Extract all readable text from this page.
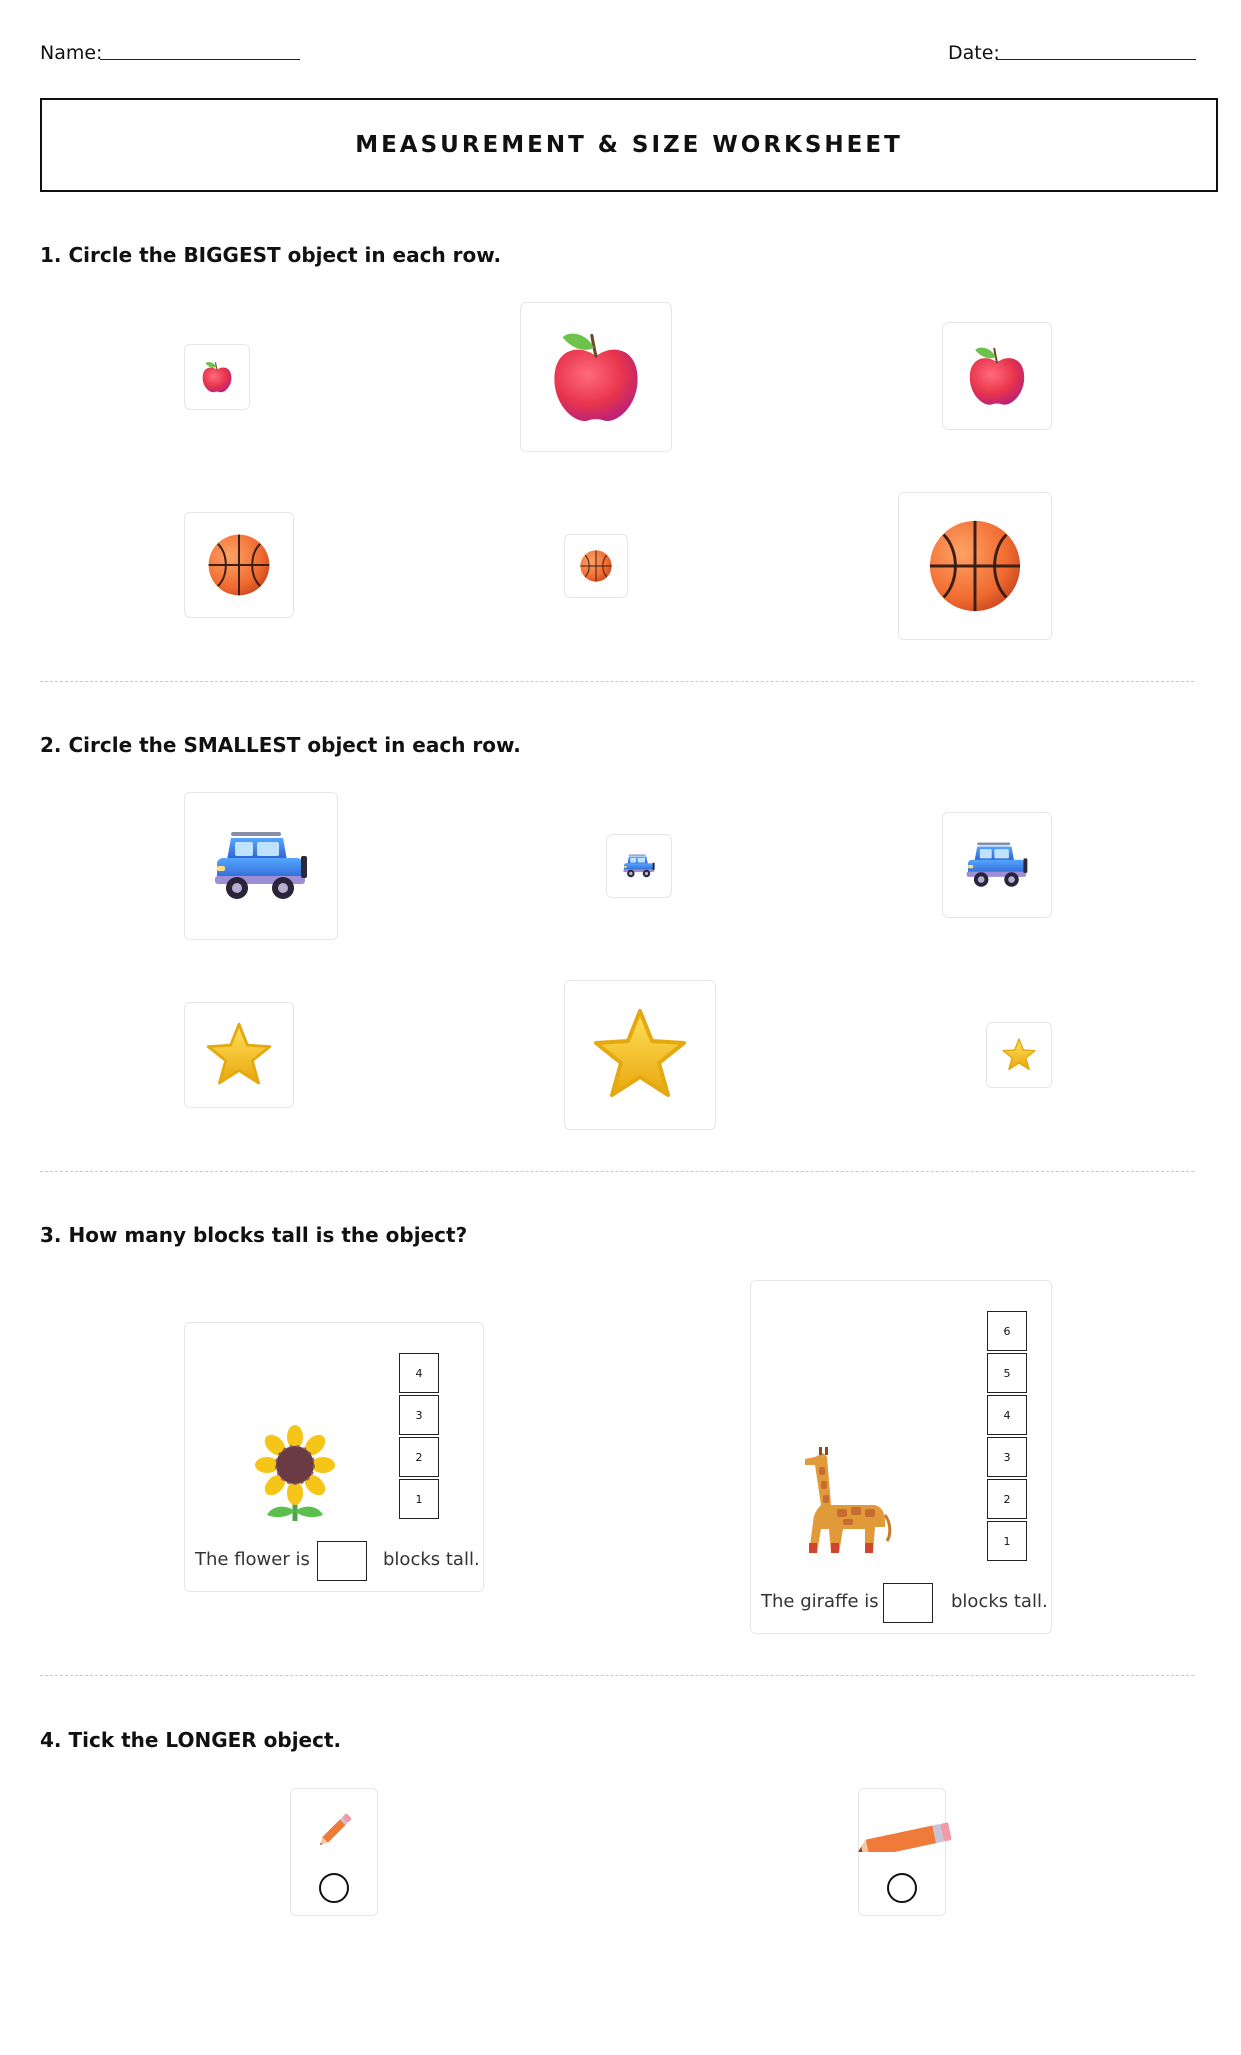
Name:	Date:
MEASUREMENT & SIZE WORKSHEET
1. Circle the BIGGEST object in each row.
2. Circle the SMALLEST object in each row.
3. How many blocks tall is the object?
4
3
2
1
The flower is	blocks tall.
6
5
4
3
2
1
The giraffe is	blocks tall.
4. Tick the LONGER object.
